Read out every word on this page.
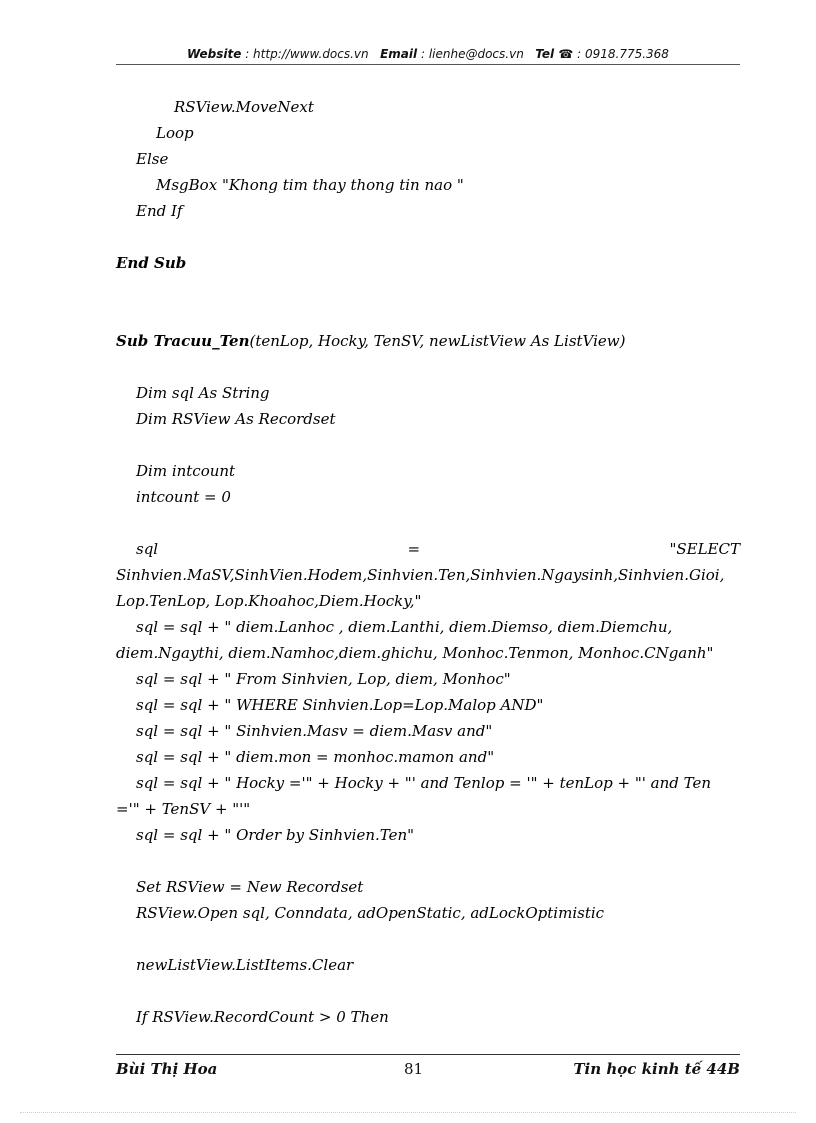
Website : http://www.docs.vn Email : lienhe@docs.vn Tel ☎ : 0918.775.368
RSView.MoveNext
Loop
Else
MsgBox "Khong tim thay thong tin nao "
End If
End Sub
Sub Tracuu_Ten(tenLop, Hocky, TenSV, newListView As ListView)
Dim sql As String
Dim RSView As Recordset
Dim intcount
intcount = 0
sql	=	"SELECT
Sinhvien.MaSV,SinhVien.Hodem,Sinhvien.Ten,Sinhvien.Ngaysinh,Sinhvien.Gioi,
Lop.TenLop, Lop.Khoahoc,Diem.Hocky,"
sql = sql + " diem.Lanhoc , diem.Lanthi, diem.Diemso, diem.Diemchu,
diem.Ngaythi, diem.Namhoc,diem.ghichu, Monhoc.Tenmon, Monhoc.CNganh"
sql = sql + " From Sinhvien, Lop, diem, Monhoc"
sql = sql + " WHERE Sinhvien.Lop=Lop.Malop AND"
sql = sql + " Sinhvien.Masv = diem.Masv and"
sql = sql + " diem.mon = monhoc.mamon and"
sql = sql + " Hocky ='" + Hocky + "' and Tenlop = '" + tenLop + "' and Ten
='" + TenSV + "'"
sql = sql + " Order by Sinhvien.Ten"
Set RSView = New Recordset
RSView.Open sql, Conndata, adOpenStatic, adLockOptimistic
newListView.ListItems.Clear
If RSView.RecordCount > 0 Then
Bùi Thị Hoa	81	Tin học kinh tế 44B
